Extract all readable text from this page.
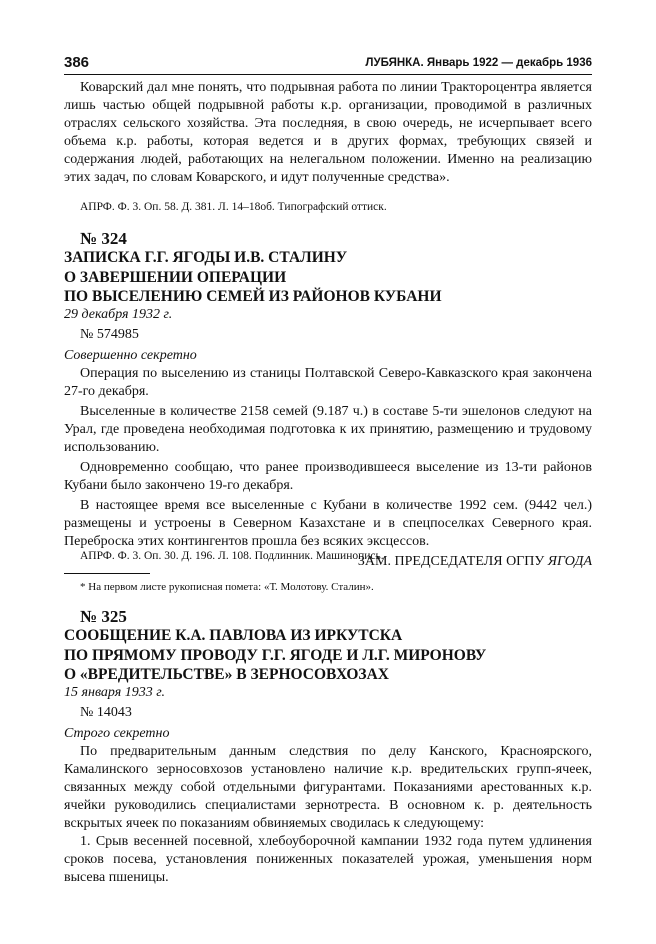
386	ЛУБЯНКА. Январь 1922 — декабрь 1936

Коварский дал мне понять, что подрывная работа по линии Трактороцентра является лишь частью общей подрывной работы к.р. организации, проводимой в различных отраслях сельского хозяйства. Эта последняя, в свою очередь, не исчерпывает всего объема к.р. работы, которая ведется и в других формах, требующих связей и содержания людей, работающих на нелегальном положении. Именно на реализацию этих задач, по словам Коварского, и идут полученные средства».

АПРФ. Ф. 3. Оп. 58. Д. 381. Л. 14–18об. Типографский оттиск.

№ 324

ЗАПИСКА Г.Г. ЯГОДЫ И.В. СТАЛИНУ

О ЗАВЕРШЕНИИ ОПЕРАЦИИ

ПО ВЫСЕЛЕНИЮ СЕМЕЙ ИЗ РАЙОНОВ КУБАНИ

29 декабря 1932 г.

№ 574985

Совершенно секретно

Операция по выселению из станицы Полтавской Северо-Кавказского края закончена 27-го декабря.

Выселенные в количестве 2158 семей (9.187 ч.) в составе 5-ти эшелонов следуют на Урал, где проведена необходимая подготовка к их принятию, размещению и трудовому использованию.

Одновременно сообщаю, что ранее производившееся выселение из 13-ти районов Кубани было закончено 19-го декабря.

В настоящее время все выселенные с Кубани в количестве 1992 сем. (9442 чел.) размещены и устроены в Северном Казахстане и в спецпоселках Северного края. Переброска этих контингентов прошла без всяких эксцессов.

ЗАМ. ПРЕДСЕДАТЕЛЯ ОГПУ ЯГОДА

АПРФ. Ф. 3. Оп. 30. Д. 196. Л. 108. Подлинник. Машинопись.

* На первом листе рукописная помета: «Т. Молотову. Сталин».

№ 325

СООБЩЕНИЕ К.А. ПАВЛОВА ИЗ ИРКУТСКА

ПО ПРЯМОМУ ПРОВОДУ Г.Г. ЯГОДЕ И Л.Г. МИРОНОВУ

О «ВРЕДИТЕЛЬСТВЕ» В ЗЕРНОСОВХОЗАХ

15 января 1933 г.

№ 14043

Строго секретно

По предварительным данным следствия по делу Канского, Красноярского, Камалинского зерносовхозов установлено наличие к.р. вредительских групп-ячеек, связанных между собой отдельными фигурантами. Показаниями арестованных к.р. ячейки руководились специалистами зернотреста. В основном к. р. деятельность вскрытых ячеек по показаниям обвиняемых сводилась к следующему:

1. Срыв весенней посевной, хлебоуборочной кампании 1932 года путем удлинения сроков посева, установления пониженных показателей урожая, уменьшения норм высева пшеницы.
